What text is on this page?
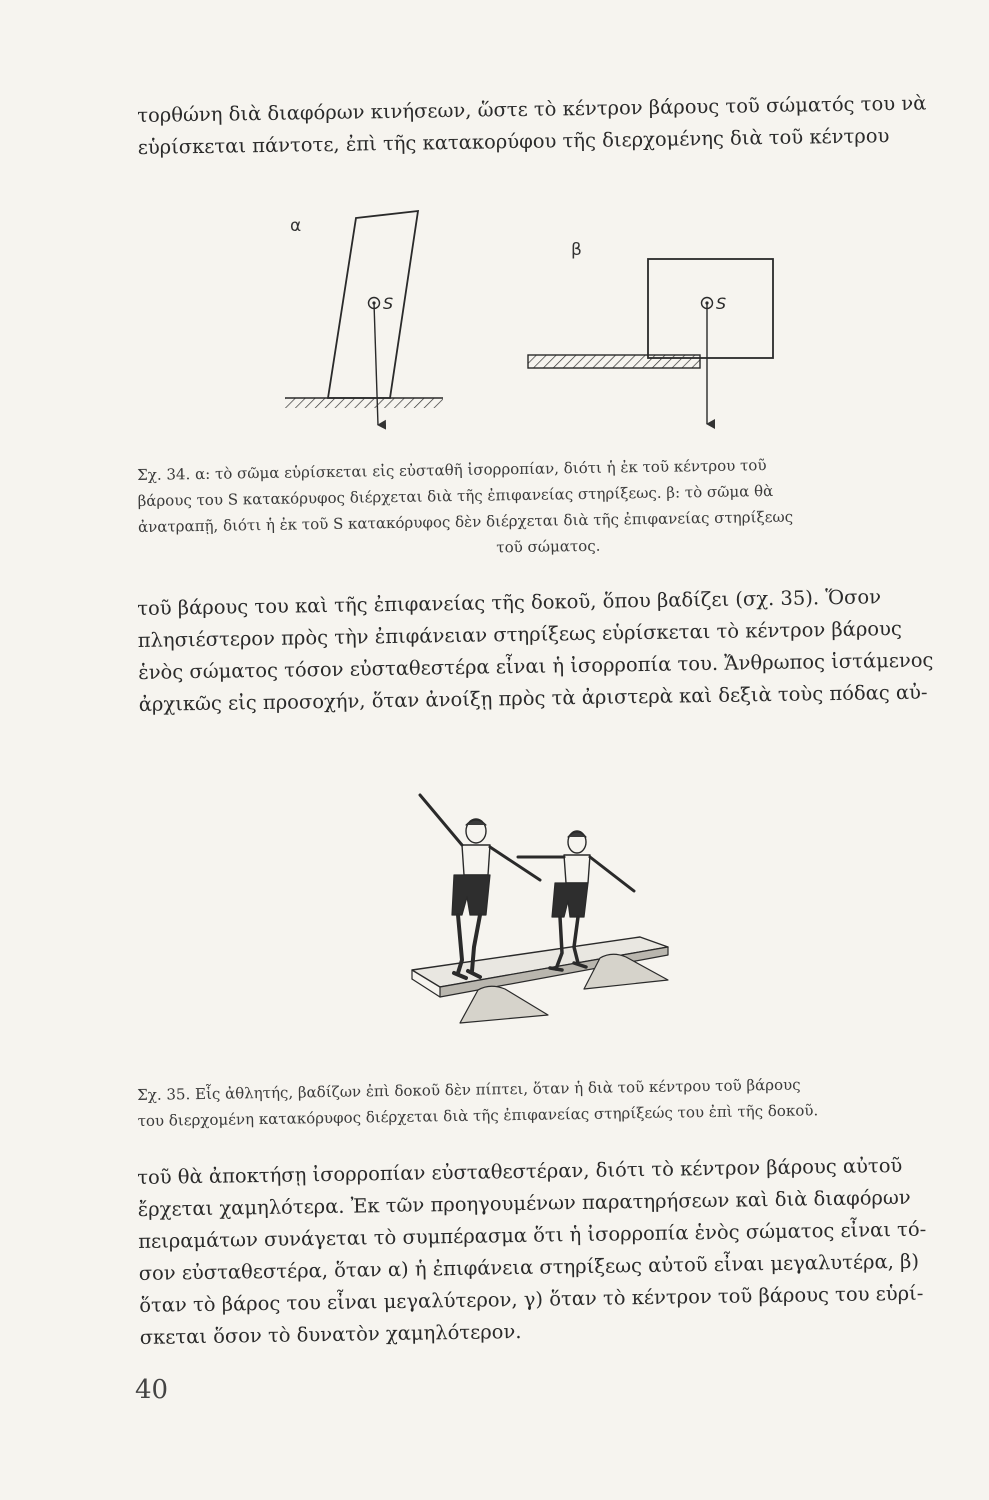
τορθώνη διὰ διαφόρων κινήσεων, ὥστε τὸ κέντρον βάρους τοῦ σώματός του νὰ
εὑρίσκεται πάντοτε, ἐπὶ τῆς κατακορύφου τῆς διερχομένης διὰ τοῦ κέντρου
α
β
S	S
Σχ. 34. α: τὸ σῶμα εὑρίσκεται εἰς εὐσταθῆ ἰσορροπίαν, διότι ἡ ἐκ τοῦ κέντρου τοῦ
βάρους του S κατακόρυφος διέρχεται διὰ τῆς ἐπιφανείας στηρίξεως. β: τὸ σῶμα θὰ
ἀνατραπῇ, διότι ἡ ἐκ τοῦ S κατακόρυφος δὲν διέρχεται διὰ τῆς ἐπιφανείας στηρίξεως
τοῦ σώματος.
τοῦ βάρους του καὶ τῆς ἐπιφανείας τῆς δοκοῦ, ὅπου βαδίζει (σχ. 35). Ὅσον
πλησιέστερον πρὸς τὴν ἐπιφάνειαν στηρίξεως εὑρίσκεται τὸ κέντρον βάρους
ἑνὸς σώματος τόσον εὐσταθεστέρα εἶναι ἡ ἰσορροπία του. Ἄνθρωπος ἱστάμενος
ἀρχικῶς εἰς προσοχήν, ὅταν ἀνοίξῃ πρὸς τὰ ἀριστερὰ καὶ δεξιὰ τοὺς πόδας αὐ-
Σχ. 35. Εἷς ἀθλητής, βαδίζων ἐπὶ δοκοῦ δὲν πίπτει, ὅταν ἡ διὰ τοῦ κέντρου τοῦ βάρους
του διερχομένη κατακόρυφος διέρχεται διὰ τῆς ἐπιφανείας στηρίξεώς του ἐπὶ τῆς δοκοῦ.
τοῦ θὰ ἀποκτήσῃ ἰσορροπίαν εὐσταθεστέραν, διότι τὸ κέντρον βάρους αὐτοῦ
ἔρχεται χαμηλότερα. Ἐκ τῶν προηγουμένων παρατηρήσεων καὶ διὰ διαφόρων
πειραμάτων συνάγεται τὸ συμπέρασμα ὅτι ἡ ἰσορροπία ἑνὸς σώματος εἶναι τό-
σον εὐσταθεστέρα, ὅταν α) ἡ ἐπιφάνεια στηρίξεως αὐτοῦ εἶναι μεγαλυτέρα, β)
ὅταν τὸ βάρος του εἶναι μεγαλύτερον, γ) ὅταν τὸ κέντρον τοῦ βάρους του εὑρί-
σκεται ὅσον τὸ δυνατὸν χαμηλότερον.
40
